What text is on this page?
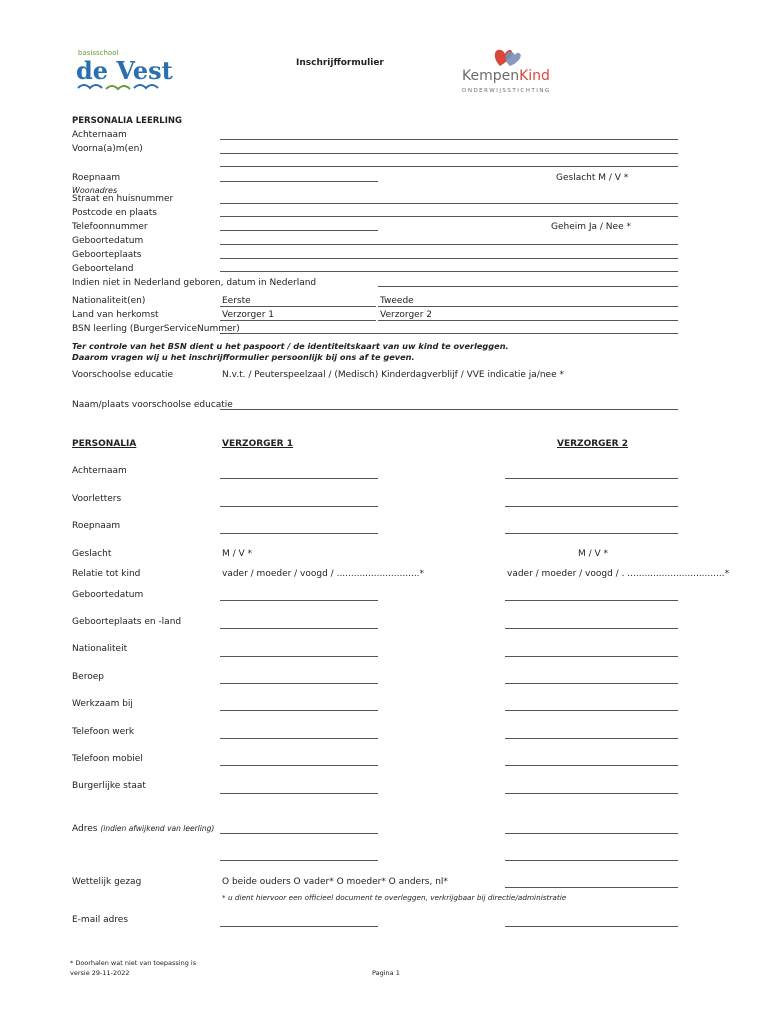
basisschool
de Vest	Inschrijfformulier
KempenKind
ONDERWIJSSTICHTING
PERSONALIA LEERLING
Achternaam
Voorna(a)m(en)
Roepnaam	Geslacht M / V *
Woonadres
Straat en huisnummer
Postcode en plaats
Telefoonnummer	Geheim Ja / Nee *
Geboortedatum
Geboorteplaats
Geboorteland
Indien niet in Nederland geboren, datum in Nederland
Nationaliteit(en)	Eerste	Tweede
Land van herkomst	Verzorger 1	Verzorger 2
BSN leerling (BurgerServiceNummer)
Ter controle van het BSN dient u het paspoort / de identiteitskaart van uw kind te overleggen.
Daarom vragen wij u het inschrijfformulier persoonlijk bij ons af te geven.
Voorschoolse educatie	N.v.t. / Peuterspeelzaal / (Medisch) Kinderdagverblijf / VVE indicatie ja/nee *
Naam/plaats voorschoolse educatie
PERSONALIA	VERZORGER 1	VERZORGER 2
Achternaam
Voorletters
Roepnaam
Geslacht	M / V *	M / V *
Relatie tot kind	vader / moeder / voogd / .............................*	vader / moeder / voogd / . ..................................*
Geboortedatum
Geboorteplaats en -land
Nationaliteit
Beroep
Werkzaam bij
Telefoon werk
Telefoon mobiel
Burgerlijke staat
Adres (indien afwijkend van leerling)
Wettelijk gezag	O beide ouders O vader* O moeder* O anders, nl*
* u dient hiervoor een officieel document te overleggen, verkrijgbaar bij directie/administratie
E-mail adres
* Doorhalen wat niet van toepassing is
versie 29-11-2022	Pagina 1
